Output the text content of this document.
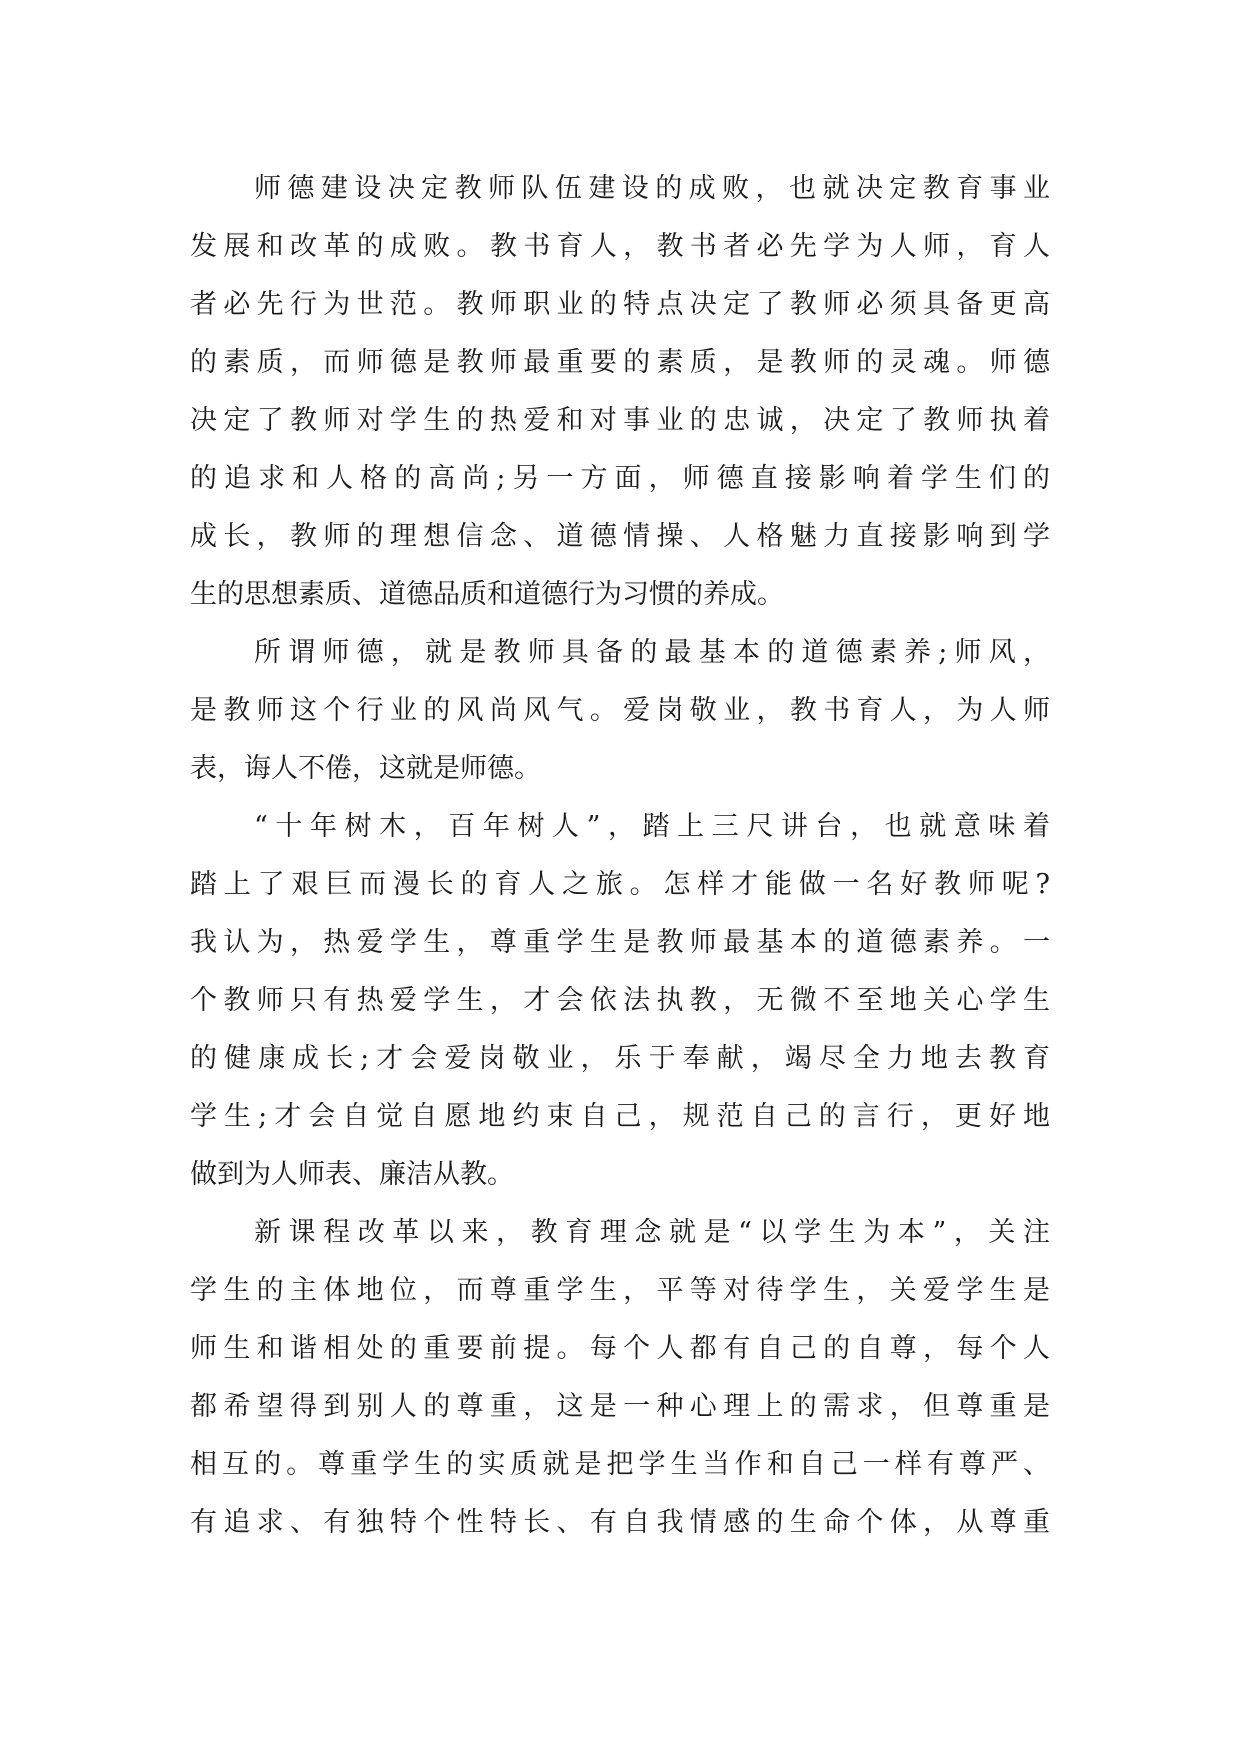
师德建设决定教师队伍建设的成败，也就决定教育事业
发展和改革的成败。教书育人，教书者必先学为人师，育人
者必先行为世范。教师职业的特点决定了教师必须具备更高
的素质，而师德是教师最重要的素质，是教师的灵魂。师德
决定了教师对学生的热爱和对事业的忠诚，决定了教师执着
的追求和人格的高尚;另一方面，师德直接影响着学生们的
成长，教师的理想信念、道德情操、人格魅力直接影响到学
生的思想素质、道德品质和道德行为习惯的养成。
所谓师德，就是教师具备的最基本的道德素养;师风，
是教师这个行业的风尚风气。爱岗敬业，教书育人，为人师
表，诲人不倦，这就是师德。
“十年树木，百年树人”，踏上三尺讲台，也就意味着
踏上了艰巨而漫长的育人之旅。怎样才能做一名好教师呢?
我认为，热爱学生，尊重学生是教师最基本的道德素养。一
个教师只有热爱学生，才会依法执教，无微不至地关心学生
的健康成长;才会爱岗敬业，乐于奉献，竭尽全力地去教育
学生;才会自觉自愿地约束自己，规范自己的言行，更好地
做到为人师表、廉洁从教。
新课程改革以来，教育理念就是“以学生为本”，关注
学生的主体地位，而尊重学生，平等对待学生，关爱学生是
师生和谐相处的重要前提。每个人都有自己的自尊，每个人
都希望得到别人的尊重，这是一种心理上的需求，但尊重是
相互的。尊重学生的实质就是把学生当作和自己一样有尊严、
有追求、有独特个性特长、有自我情感的生命个体，从尊重
